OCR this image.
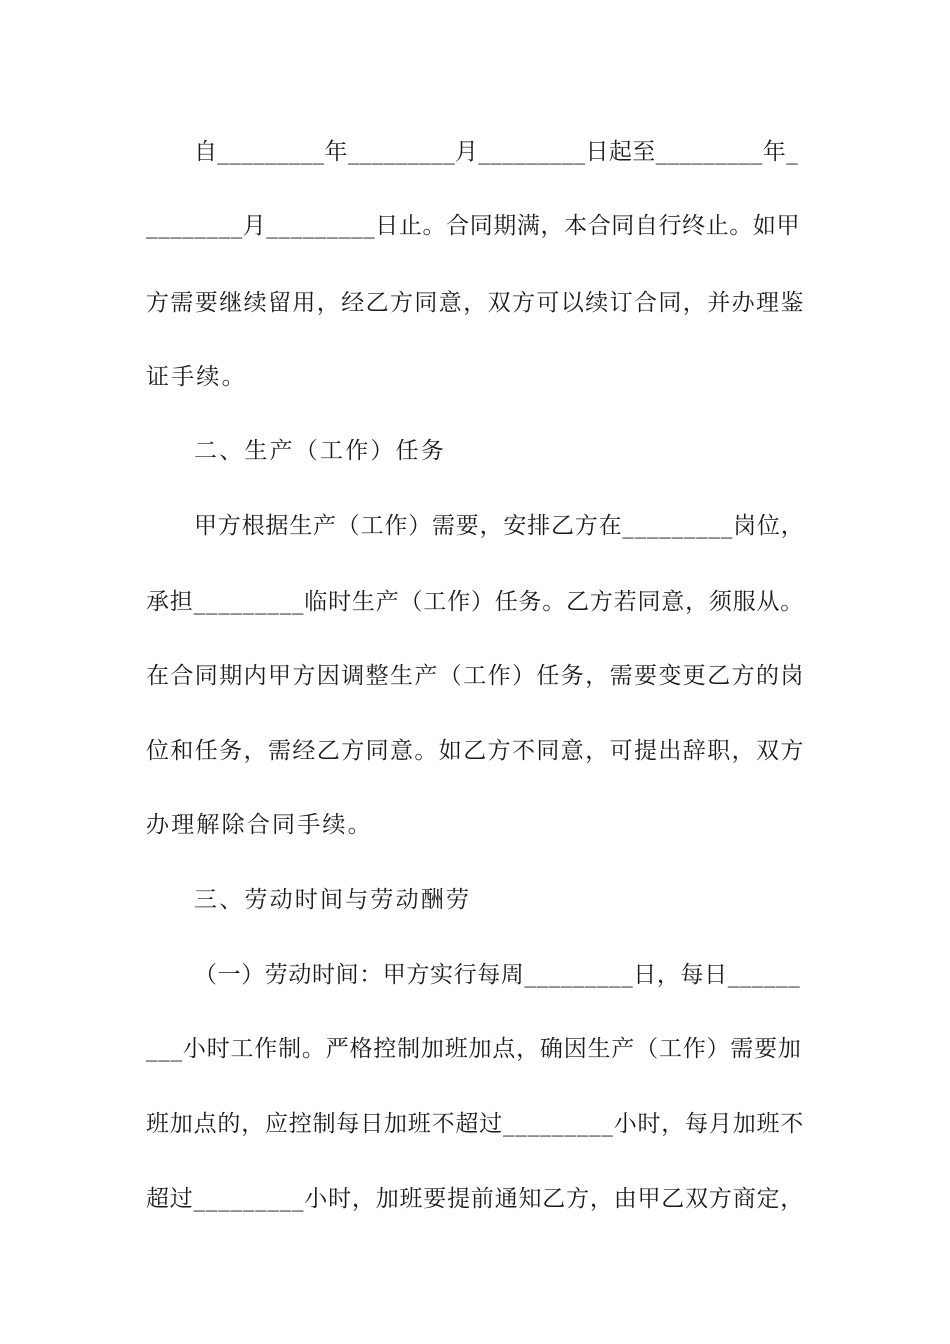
自_________年_________月_________日起至_________年_
________月_________日止。合同期满，本合同自行终止。如甲
方需要继续留用，经乙方同意，双方可以续订合同，并办理鉴
证手续。
二、生产（工作）任务
甲方根据生产（工作）需要，安排乙方在_________岗位，
承担_________临时生产（工作）任务。乙方若同意，须服从。
在合同期内甲方因调整生产（工作）任务，需要变更乙方的岗
位和任务，需经乙方同意。如乙方不同意，可提出辞职，双方
办理解除合同手续。
三、劳动时间与劳动酬劳
（一）劳动时间：甲方实行每周_________日，每日______
___小时工作制。严格控制加班加点，确因生产（工作）需要加
班加点的，应控制每日加班不超过_________小时，每月加班不
超过_________小时，加班要提前通知乙方，由甲乙双方商定，
